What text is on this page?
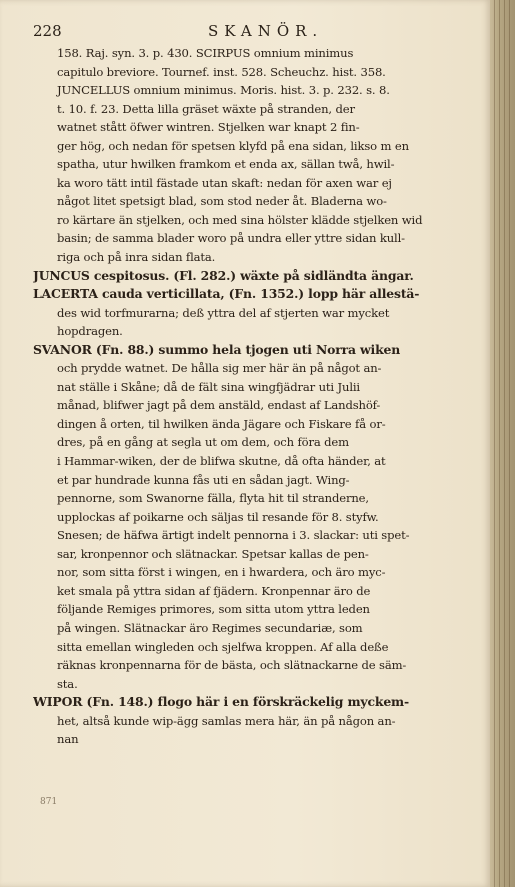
228	SKANÖR.
158. Raj. syn. 3. p. 430. SCIRPUS omnium minimus
capitulo breviore. Tournef. inst. 528. Scheuchz. hist. 358.
JUNCELLUS omnium minimus. Moris. hist. 3. p. 232. s. 8.
t. 10. f. 23. Detta lilla gräset wäxte på stranden, der
watnet stått öfwer wintren. Stjelken war knapt 2 fin-
ger hög, och nedan för spetsen klyfd på ena sidan, likso m en
spatha, utur hwilken framkom et enda ax, sällan twå, hwil-
ka woro tätt intil fästade utan skaft: nedan för axen war ej
något litet spetsigt blad, som stod neder åt. Bladerna wo-
ro kärtare än stjelken, och med sina hölster klädde stjelken wid
basin; de samma blader woro på undra eller yttre sidan kull-
riga och på inra sidan flata.
JUNCUS cespitosus. (Fl. 282.) wäxte på sidländta ängar.
LACERTA cauda verticillata, (Fn. 1352.) lopp här allestä-
des wid torfmurarna; deß yttra del af stjerten war mycket
hopdragen.
SVANOR (Fn. 88.) summo hela tjogen uti Norra wiken
och prydde watnet. De hålla sig mer här än på något an-
nat ställe i Skåne; då de fält sina wingfjädrar uti Julii
månad, blifwer jagt på dem anstäld, endast af Landshöf-
dingen å orten, til hwilken ända Jägare och Fiskare få or-
dres, på en gång at segla ut om dem, och föra dem
i Hammar-wiken, der de blifwa skutne, då ofta händer, at
et par hundrade kunna fås uti en sådan jagt. Wing-
pennorne, som Swanorne fälla, flyta hit til stranderne,
upplockas af poikarne och säljas til resande för 8. styfw.
Snesen; de häfwa ärtigt indelt pennorna i 3. slackar: uti spet-
sar, kronpennor och slätnackar. Spetsar kallas de pen-
nor, som sitta först i wingen, en i hwardera, och äro myc-
ket smala på yttra sidan af fjädern. Kronpennar äro de
följande Remiges primores, som sitta utom yttra leden
på wingen. Slätnackar äro Regimes secundariæ, som
sitta emellan wingleden och sjelfwa kroppen. Af alla deße
räknas kronpennarna för de bästa, och slätnackarne de säm-
sta.
WIPOR (Fn. 148.) flogo här i en förskräckelig myckem-
het, altså kunde wip-ägg samlas mera här, än på någon an-
nan
871
